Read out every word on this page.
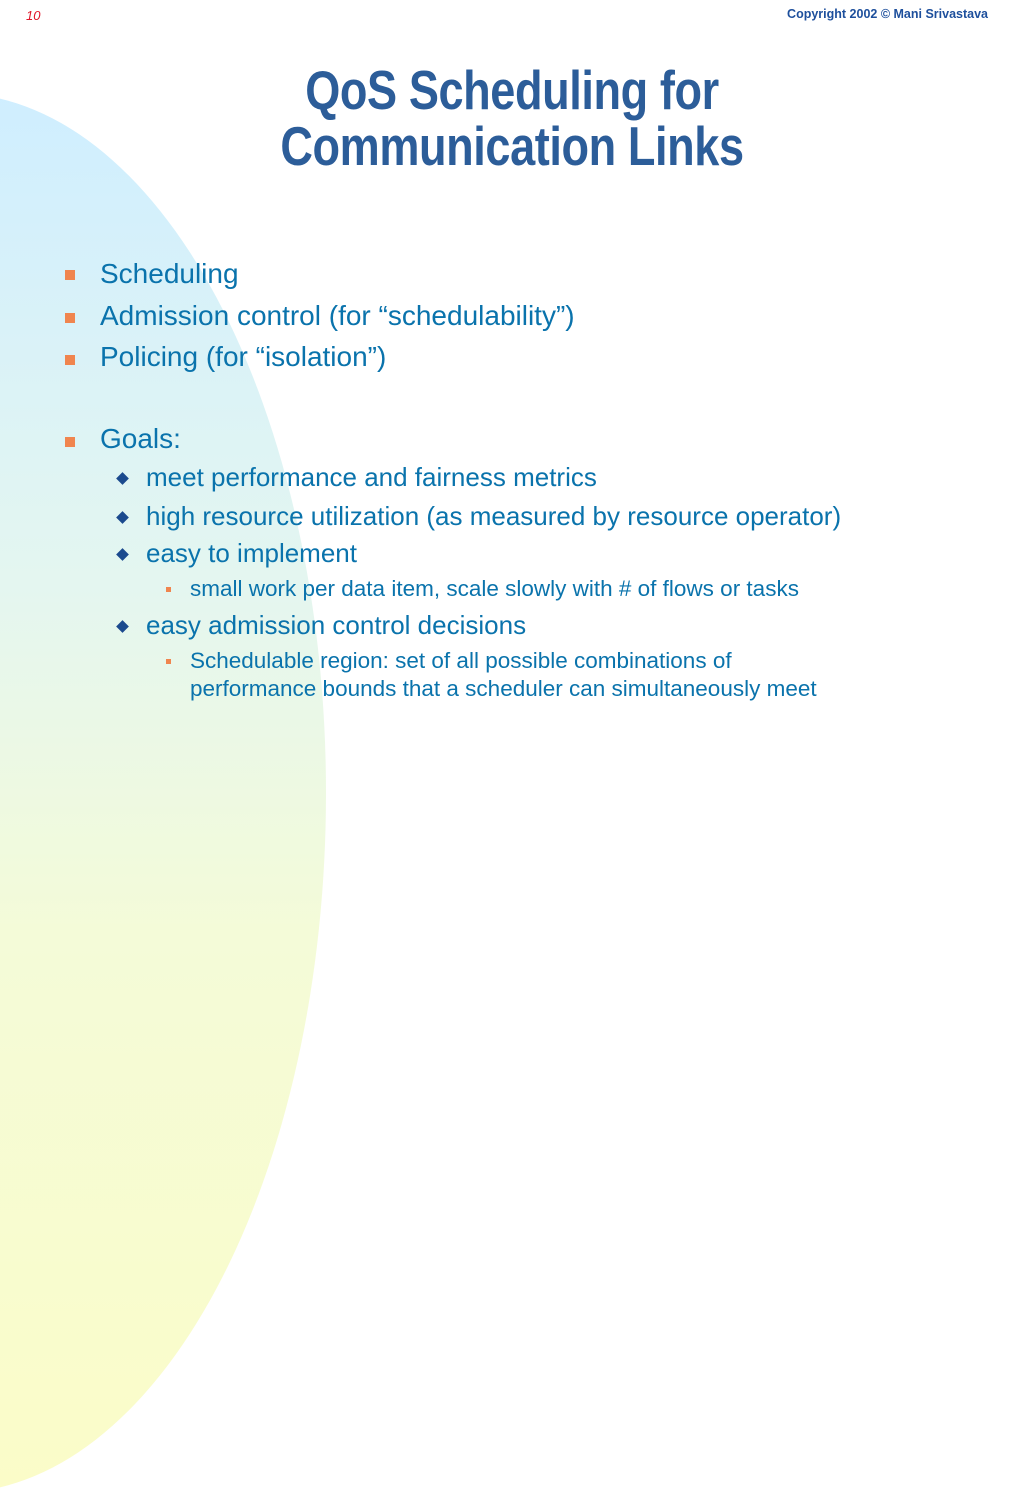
10	Copyright 2002 © Mani Srivastava
QoS Scheduling for
Communication Links
Scheduling
Admission control (for “schedulability”)
Policing (for “isolation”)
Goals:
meet performance and fairness metrics
high resource utilization (as measured by resource operator)
easy to implement
small work per data item, scale slowly with # of flows or tasks
easy admission control decisions
Schedulable region: set of all possible combinations of
performance bounds that a scheduler can simultaneously meet
